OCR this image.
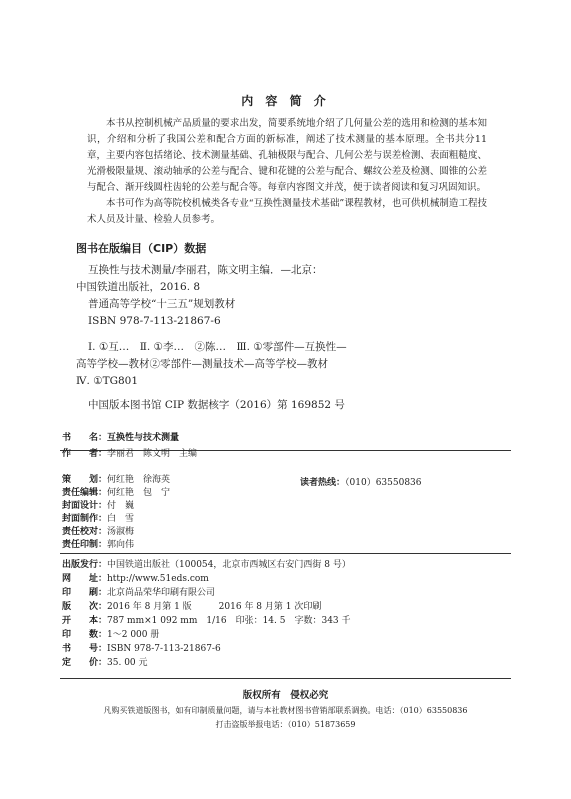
内 容 简 介

本书从控制机械产品质量的要求出发，简要系统地介绍了几何量公差的选用和检测的基本知识，介绍和分析了我国公差和配合方面的新标准，阐述了技术测量的基本原理。全书共分11章，主要内容包括绪论、技术测量基础、孔轴极限与配合、几何公差与误差检测、表面粗糙度、光滑极限量规、滚动轴承的公差与配合、键和花键的公差与配合、螺纹公差及检测、圆锥的公差与配合、渐开线圆柱齿轮的公差与配合等。每章内容图文并茂，便于读者阅读和复习巩固知识。

本书可作为高等院校机械类各专业“互换性测量技术基础”课程教材，也可供机械制造工程技术人员及计量、检验人员参考。

图书在版编目（CIP）数据
互换性与技术测量/李丽君，陈文明主编．—北京：
中国铁道出版社，2016. 8
普通高等学校“十三五”规划教材
ISBN 978-7-113-21867-6
Ⅰ. ①互…　Ⅱ. ①李…　②陈…　Ⅲ. ①零部件—互换性—
高等学校—教材②零部件—测量技术—高等学校—教材
Ⅳ. ①TG801
中国版本图书馆 CIP 数据核字（2016）第 169852 号
书　　名：互换性与技术测量
作　　者：李丽君　陈文明　主编
策　　划：何红艳　徐海英	读者热线：（010）63550836
责任编辑：何红艳　包　宁
封面设计：付　巍
封面制作：白　雪
责任校对：汤淑梅
责任印制：郭向伟
出版发行：中国铁道出版社（100054，北京市西城区右安门西街 8 号）
网　　址：http://www.51eds.com
印　　刷：北京尚品荣华印刷有限公司
版　　次：2016 年 8 月第 1 版　　　2016 年 8 月第 1 次印刷
开　　本：787 mm×1 092 mm　1/16　印张：14. 5　字数：343 千
印　　数：1～2 000 册
书　　号：ISBN 978-7-113-21867-6
定　　价：35. 00 元
版权所有　侵权必究
凡购买铁道版图书，如有印制质量问题，请与本社教材图书营销部联系调换。电话：（010）63550836
打击盗版举报电话：（010）51873659
